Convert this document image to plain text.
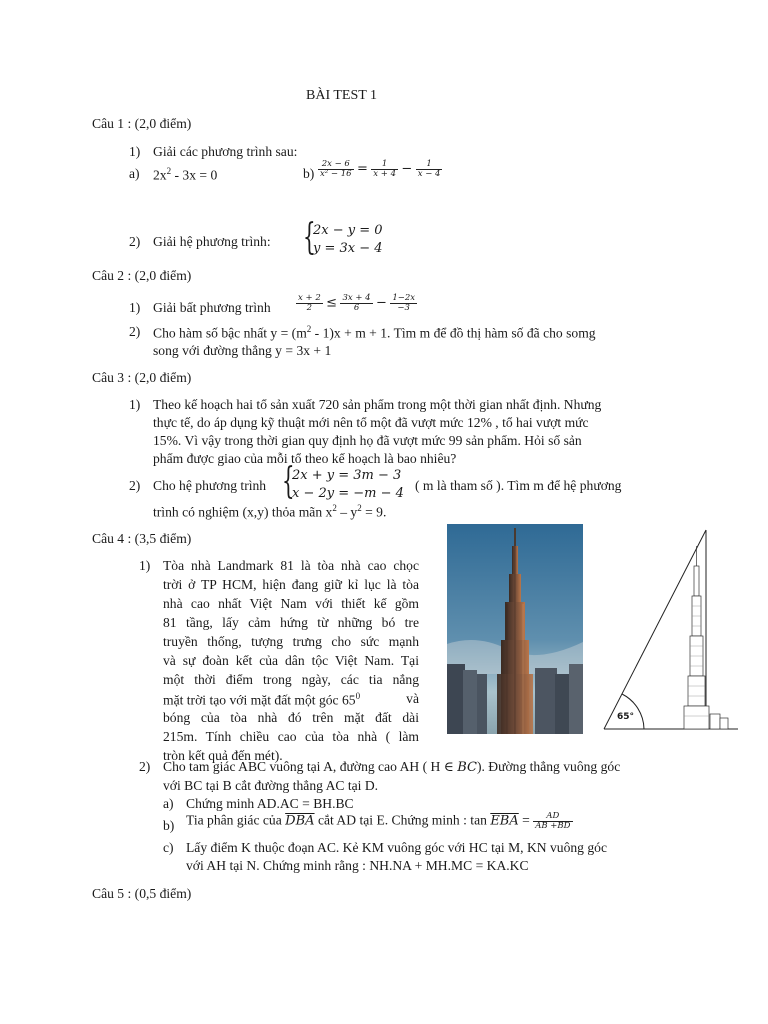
BÀI TEST 1
Câu 1 : (2,0 điểm)
1) Giải các phương trình sau:
a) $2x^2 - 3x = 0$	$b) \frac{2x - 6}{\text{x² − 16}} = \frac{1}{x + 4} - \frac{1}{x - 4}$
2) Giải hệ phương trình: {
2x − y = 0
y = 3x − 4
Câu 2 : (2,0 điểm)
1) Giải bất phương trình	$\frac{x + 2}{2} \le \frac{3x + 4}{6} - \frac{1-2x}{-3}$
2) Cho hàm số bậc nhất $y = (m^2 - 1)x + m + 1$. Tìm m để đồ thị hàm số đã cho somg
song với đường thẳng y = 3x + 1
Câu 3 : (2,0 điểm)
1) Theo kế hoạch hai tổ sản xuất 720 sản phẩm trong một thời gian nhất định. Nhưng
thực tế, do áp dụng kỹ thuật mới nên tổ một đã vượt mức 12% , tổ hai vượt mức
15%. Vì vậy trong thời gian quy định họ đã vượt mức 99 sản phẩm. Hỏi số sản
phẩm được giao của mỗi tổ theo kế hoạch là bao nhiêu?
2) Cho hệ phương trình {
2x + y = 3m − 3
x − 2y = −m − 4
( m là tham số ). Tìm m để hệ phương
trình có nghiệm (x,y) thỏa mãn $x^2 - y^2 = 9$.
Câu 4 : (3,5 điểm)
1) Tòa nhà Landmark 81 là tòa nhà cao chọc
trời ở TP HCM, hiện đang giữ kỉ lục là tòa
nhà cao nhất Việt Nam với thiết kế gồm
81 tầng, lấy cảm hứng từ những bó tre
truyền thống, tượng trưng cho sức mạnh
và sự đoàn kết của dân tộc Việt Nam. Tại
một thời điểm trong ngày, các tia nắng
mặt trời tạo với mặt đất một góc $65^0$	và
bóng của tòa nhà đó trên mặt đất dài
215m. Tính chiều cao của tòa nhà ( làm
tròn kết quả đến mét).
65°
2) Cho tam giác ABC vuông tại A, đường cao AH ( H ∈ BC). Đường thẳng vuông góc
với BC tại B cắt đường thẳng AC tại D.
a) Chứng minh AD.AC = BH.BC
b) Tia phân giác của $\overline{DBA}$ cắt AD tại E. Chứng minh : $\tan \overline{EBA} = \frac{AD}{AB +BD}$
c) Lấy điểm K thuộc đoạn AC. Kẻ KM vuông góc với HC tại M, KN vuông góc
với AH tại N. Chứng minh rằng : NH.NA + MH.MC = KA.KC
Câu 5 : (0,5 điểm)
